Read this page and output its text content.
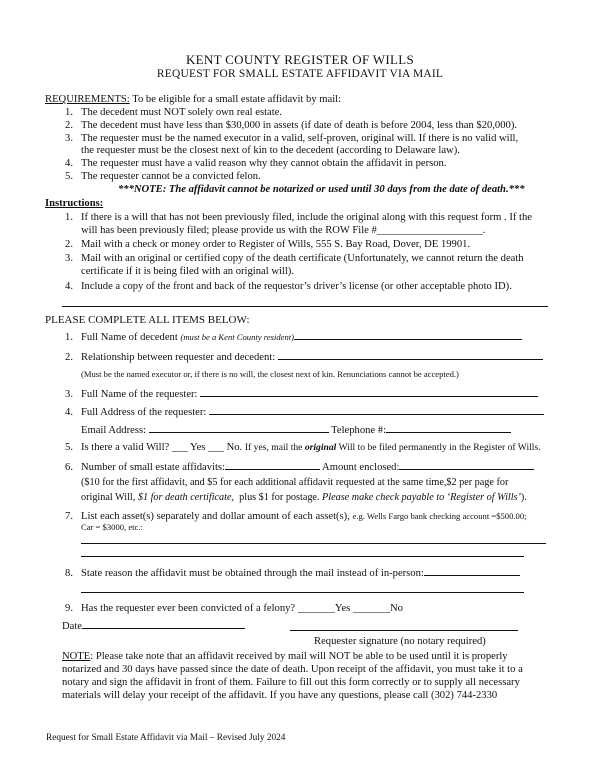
KENT COUNTY REGISTER OF WILLS
REQUEST FOR SMALL ESTATE AFFIDAVIT VIA MAIL
REQUIREMENTS: To be eligible for a small estate affidavit by mail:
1. The decedent must NOT solely own real estate.
2. The decedent must have less than $30,000 in assets (if date of death is before 2004, less than $20,000).
3. The requester must be the named executor in a valid, self-proven, original will. If there is no valid will,
the requester must be the closest next of kin to the decedent (according to Delaware law).
4. The requester must have a valid reason why they cannot obtain the affidavit in person.
5. The requester cannot be a convicted felon.
***NOTE: The affidavit cannot be notarized or used until 30 days from the date of death.***
Instructions:
1. If there is a will that has not been previously filed, include the original along with this request form . If the
will has been previously filed; please provide us with the ROW File #____________________.
2. Mail with a check or money order to Register of Wills, 555 S. Bay Road, Dover, DE 19901.
3. Mail with an original or certified copy of the death certificate (Unfortunately, we cannot return the death
certificate if it is being filed with an original will).
4. Include a copy of the front and back of the requestor’s driver’s license (or other acceptable photo ID).
PLEASE COMPLETE ALL ITEMS BELOW:
1. Full Name of decedent (must be a Kent County resident)
2. Relationship between requester and decedent:
(Must be the named executor or, if there is no will, the closest next of kin. Renunciations cannot be accepted.)
3. Full Name of the requester:
4. Full Address of the requester:
Email Address:	Telephone #:
5. Is there a valid Will? ___ Yes ___ No. If yes, mail the original Will to be filed permanently in the Register of Wills.
6. Number of small estate affidavits:	Amount enclosed:
($10 for the first affidavit, and $5 for each additional affidavit requested at the same time,$2 per page for
original Will, $1 for death certificate, plus $1 for postage. Please make check payable to ‘Register of Wills’).
7. List each asset(s) separately and dollar amount of each asset(s), e.g. Wells Fargo bank checking account =$500.00;
Car = $3000, etc.:
8. State reason the affidavit must be obtained through the mail instead of in-person:
9. Has the requester ever been convicted of a felony? _______Yes _______No
Date
Requester signature (no notary required)
NOTE: Please take note that an affidavit received by mail will NOT be able to be used until it is properly
notarized and 30 days have passed since the date of death. Upon receipt of the affidavit, you must take it to a
notary and sign the affidavit in front of them. Failure to fill out this form correctly or to supply all necessary
materials will delay your receipt of the affidavit. If you have any questions, please call (302) 744-2330
Request for Small Estate Affidavit via Mail – Revised July 2024
